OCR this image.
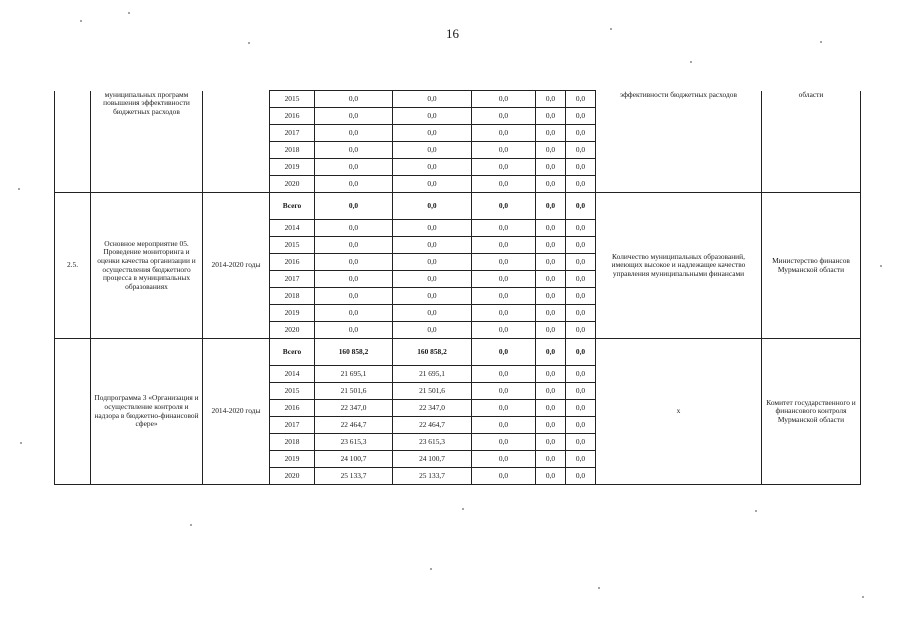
16
	муниципальных программ повышения эффективности бюджетных расходов		2015	0,0	0,0	0,0	0,0	0,0	эффективности бюджетных расходов	области
			2016	0,0	0,0	0,0	0,0	0,0		
			2017	0,0	0,0	0,0	0,0	0,0		
			2018	0,0	0,0	0,0	0,0	0,0		
			2019	0,0	0,0	0,0	0,0	0,0		
			2020	0,0	0,0	0,0	0,0	0,0		
2.5.	Основное мероприятие 05. Проведение мониторинга и оценки качества организации и осуществления бюджетного процесса в муниципальных образованиях	2014-2020 годы	Всего	0,0	0,0	0,0	0,0	0,0	Количество муниципальных образований, имеющих высокое и надлежащее качество управления муниципальными финансами	Министерство финансов Мурманской области
			2014	0,0	0,0	0,0	0,0	0,0		
			2015	0,0	0,0	0,0	0,0	0,0		
			2016	0,0	0,0	0,0	0,0	0,0		
			2017	0,0	0,0	0,0	0,0	0,0		
			2018	0,0	0,0	0,0	0,0	0,0		
			2019	0,0	0,0	0,0	0,0	0,0		
			2020	0,0	0,0	0,0	0,0	0,0		
	Подпрограмма 3 «Организация и осуществление контроля и надзора в бюджетно-финансовой сфере»	2014-2020 годы	Всего	160 858,2	160 858,2	0,0	0,0	0,0	х	Комитет государственного и финансового контроля Мурманской области
			2014	21 695,1	21 695,1	0,0	0,0	0,0		
			2015	21 501,6	21 501,6	0,0	0,0	0,0		
			2016	22 347,0	22 347,0	0,0	0,0	0,0		
			2017	22 464,7	22 464,7	0,0	0,0	0,0		
			2018	23 615,3	23 615,3	0,0	0,0	0,0		
			2019	24 100,7	24 100,7	0,0	0,0	0,0		
			2020	25 133,7	25 133,7	0,0	0,0	0,0		
